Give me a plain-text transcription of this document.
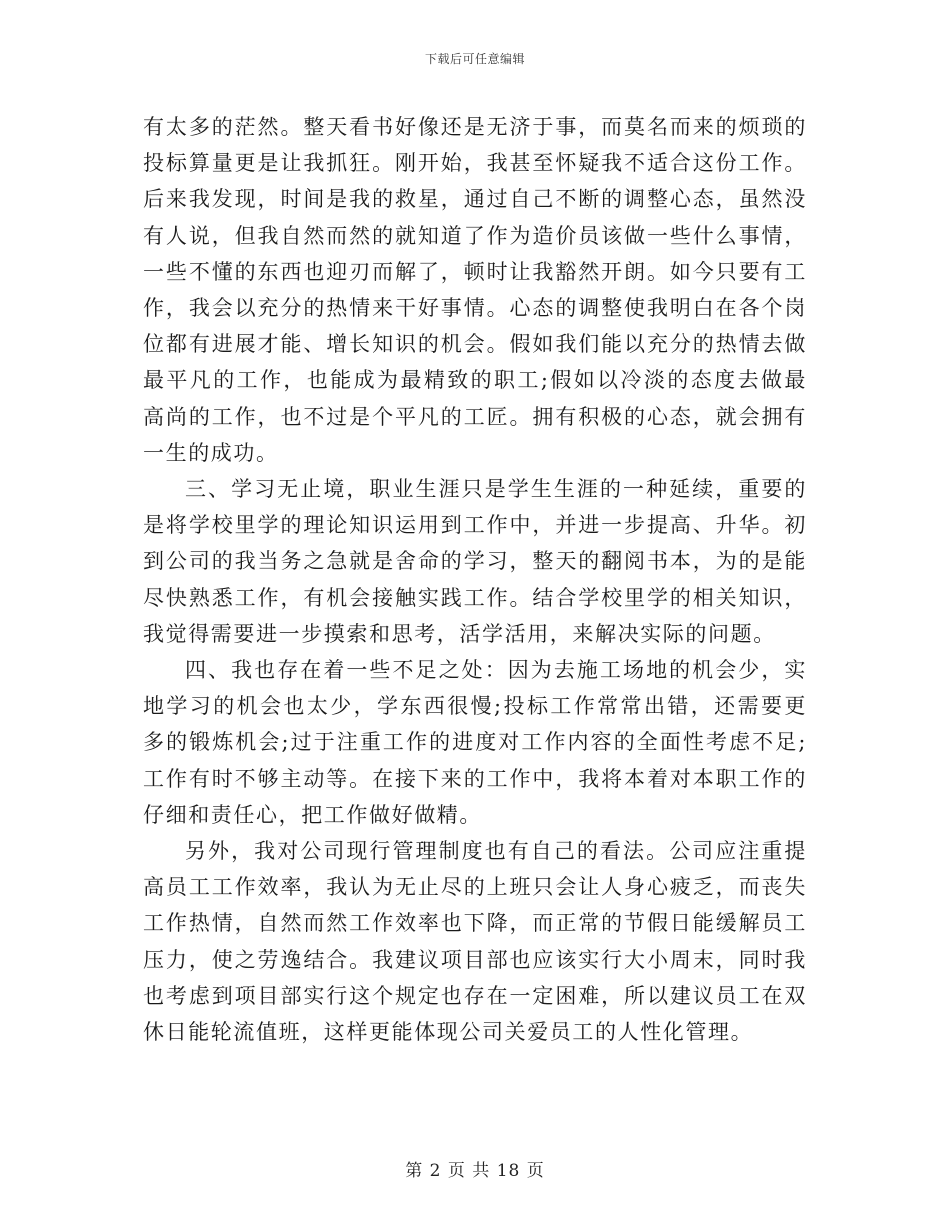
下载后可任意编辑

有太多的茫然。整天看书好像还是无济于事，而莫名而来的烦琐的投标算量更是让我抓狂。刚开始，我甚至怀疑我不适合这份工作。后来我发现，时间是我的救星，通过自己不断的调整心态，虽然没有人说，但我自然而然的就知道了作为造价员该做一些什么事情，一些不懂的东西也迎刃而解了，顿时让我豁然开朗。如今只要有工作，我会以充分的热情来干好事情。心态的调整使我明白在各个岗位都有进展才能、增长知识的机会。假如我们能以充分的热情去做最平凡的工作，也能成为最精致的职工;假如以冷淡的态度去做最高尚的工作，也不过是个平凡的工匠。拥有积极的心态，就会拥有一生的成功。

三、学习无止境，职业生涯只是学生生涯的一种延续，重要的是将学校里学的理论知识运用到工作中，并进一步提高、升华。初到公司的我当务之急就是舍命的学习，整天的翻阅书本，为的是能尽快熟悉工作，有机会接触实践工作。结合学校里学的相关知识，我觉得需要进一步摸索和思考，活学活用，来解决实际的问题。

四、我也存在着一些不足之处：因为去施工场地的机会少，实地学习的机会也太少，学东西很慢;投标工作常常出错，还需要更多的锻炼机会;过于注重工作的进度对工作内容的全面性考虑不足;工作有时不够主动等。在接下来的工作中，我将本着对本职工作的仔细和责任心，把工作做好做精。

另外，我对公司现行管理制度也有自己的看法。公司应注重提高员工工作效率，我认为无止尽的上班只会让人身心疲乏，而丧失工作热情，自然而然工作效率也下降，而正常的节假日能缓解员工压力，使之劳逸结合。我建议项目部也应该实行大小周末，同时我也考虑到项目部实行这个规定也存在一定困难，所以建议员工在双休日能轮流值班，这样更能体现公司关爱员工的人性化管理。

第 2 页 共 18 页
